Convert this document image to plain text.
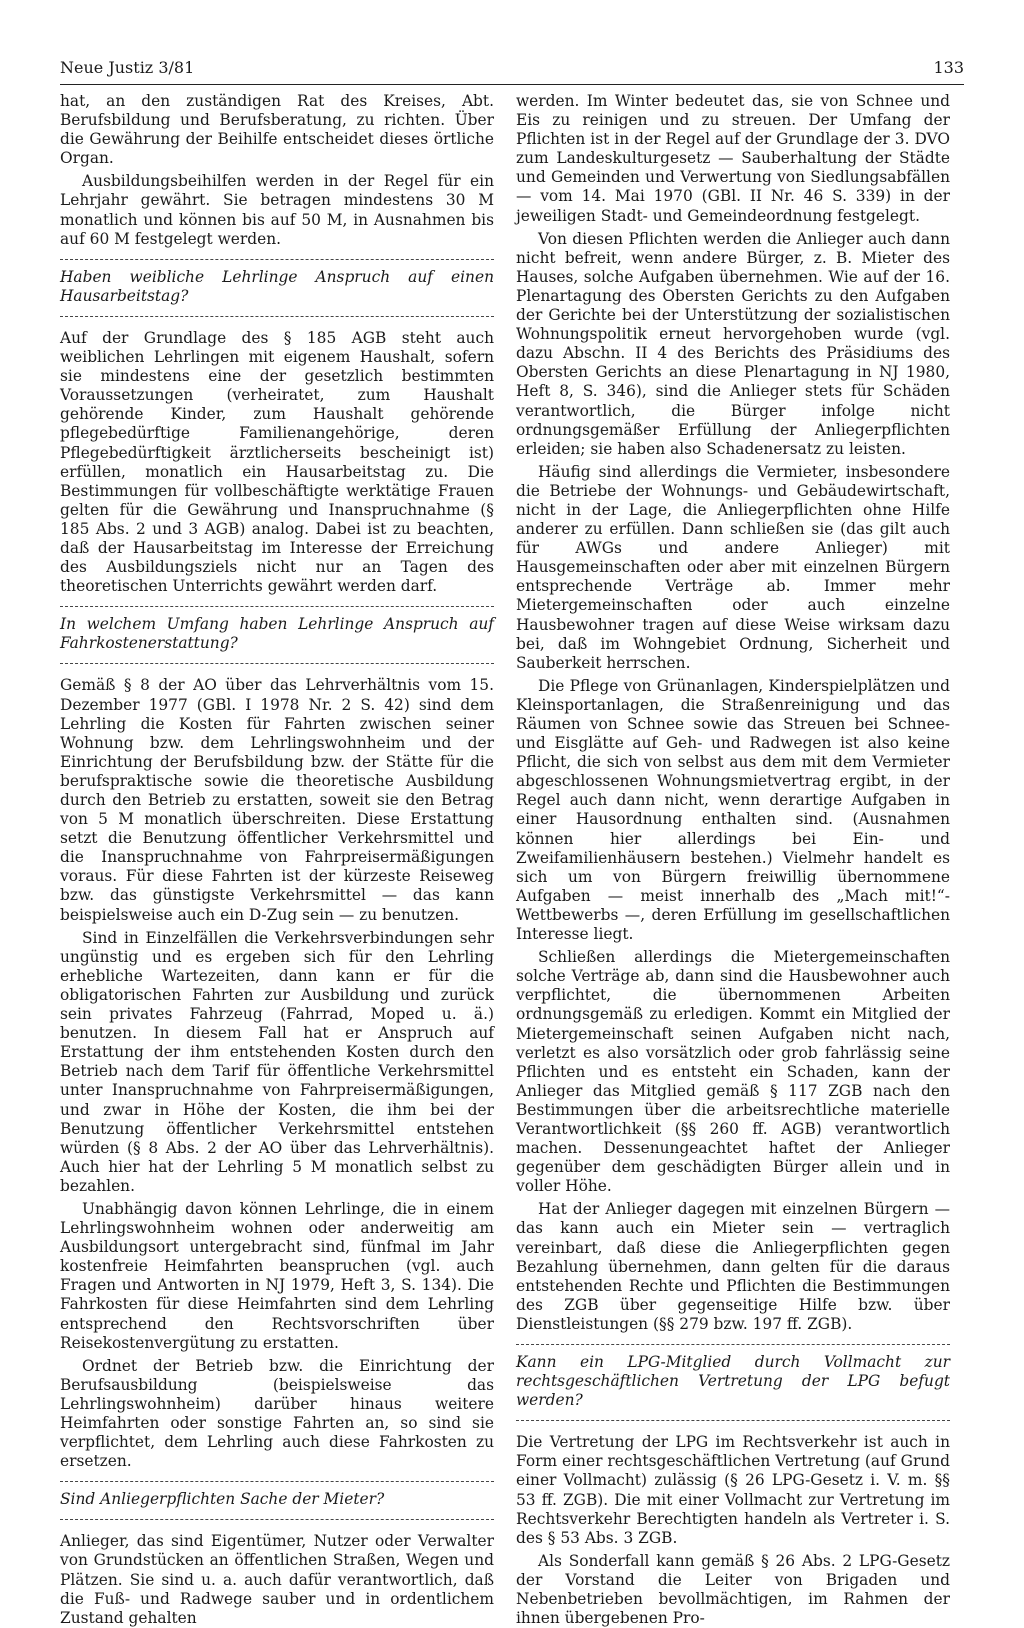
Neue Justiz 3/81	133

hat, an den zuständigen Rat des Kreises, Abt. Berufsbildung und Berufsberatung, zu richten. Über die Gewährung der Beihilfe entscheidet dieses örtliche Organ.

Ausbildungsbeihilfen werden in der Regel für ein Lehrjahr gewährt. Sie betragen mindestens 30 M monatlich und können bis auf 50 M, in Ausnahmen bis auf 60 M festgelegt werden.

Haben weibliche Lehrlinge Anspruch auf einen Hausarbeitstag?

Auf der Grundlage des § 185 AGB steht auch weiblichen Lehrlingen mit eigenem Haushalt, sofern sie mindestens eine der gesetzlich bestimmten Voraussetzungen (verheiratet, zum Haushalt gehörende Kinder, zum Haushalt gehörende pflegebedürftige Familienangehörige, deren Pflegebedürftigkeit ärztlicherseits bescheinigt ist) erfüllen, monatlich ein Hausarbeitstag zu. Die Bestimmungen für vollbeschäftigte werktätige Frauen gelten für die Gewährung und Inanspruchnahme (§ 185 Abs. 2 und 3 AGB) analog. Dabei ist zu beachten, daß der Hausarbeitstag im Interesse der Erreichung des Ausbildungsziels nicht nur an Tagen des theoretischen Unterrichts gewährt werden darf.

In welchem Umfang haben Lehrlinge Anspruch auf Fahrkostenerstattung?

Gemäß § 8 der AO über das Lehrverhältnis vom 15. Dezember 1977 (GBl. I 1978 Nr. 2 S. 42) sind dem Lehrling die Kosten für Fahrten zwischen seiner Wohnung bzw. dem Lehrlingswohnheim und der Einrichtung der Berufsbildung bzw. der Stätte für die berufspraktische sowie die theoretische Ausbildung durch den Betrieb zu erstatten, soweit sie den Betrag von 5 M monatlich überschreiten. Diese Erstattung setzt die Benutzung öffentlicher Verkehrsmittel und die Inanspruchnahme von Fahrpreisermäßigungen voraus. Für diese Fahrten ist der kürzeste Reiseweg bzw. das günstigste Verkehrsmittel — das kann beispielsweise auch ein D-Zug sein — zu benutzen.

Sind in Einzelfällen die Verkehrsverbindungen sehr ungünstig und es ergeben sich für den Lehrling erhebliche Wartezeiten, dann kann er für die obligatorischen Fahrten zur Ausbildung und zurück sein privates Fahrzeug (Fahrrad, Moped u. ä.) benutzen. In diesem Fall hat er Anspruch auf Erstattung der ihm entstehenden Kosten durch den Betrieb nach dem Tarif für öffentliche Verkehrsmittel unter Inanspruchnahme von Fahrpreisermäßigungen, und zwar in Höhe der Kosten, die ihm bei der Benutzung öffentlicher Verkehrsmittel entstehen würden (§ 8 Abs. 2 der AO über das Lehrverhältnis). Auch hier hat der Lehrling 5 M monatlich selbst zu bezahlen.

Unabhängig davon können Lehrlinge, die in einem Lehrlingswohnheim wohnen oder anderweitig am Ausbildungsort untergebracht sind, fünfmal im Jahr kostenfreie Heimfahrten beanspruchen (vgl. auch Fragen und Antworten in NJ 1979, Heft 3, S. 134). Die Fahrkosten für diese Heimfahrten sind dem Lehrling entsprechend den Rechtsvorschriften über Reisekostenvergütung zu erstatten.

Ordnet der Betrieb bzw. die Einrichtung der Berufsausbildung (beispielsweise das Lehrlingswohnheim) darüber hinaus weitere Heimfahrten oder sonstige Fahrten an, so sind sie verpflichtet, dem Lehrling auch diese Fahrkosten zu ersetzen.

Sind Anliegerpflichten Sache der Mieter?

Anlieger, das sind Eigentümer, Nutzer oder Verwalter von Grundstücken an öffentlichen Straßen, Wegen und Plätzen. Sie sind u. a. auch dafür verantwortlich, daß die Fuß- und Radwege sauber und in ordentlichem Zustand gehalten

werden. Im Winter bedeutet das, sie von Schnee und Eis zu reinigen und zu streuen. Der Umfang der Pflichten ist in der Regel auf der Grundlage der 3. DVO zum Landeskulturgesetz — Sauberhaltung der Städte und Gemeinden und Verwertung von Siedlungsabfällen — vom 14. Mai 1970 (GBl. II Nr. 46 S. 339) in der jeweiligen Stadt- und Gemeindeordnung festgelegt.

Von diesen Pflichten werden die Anlieger auch dann nicht befreit, wenn andere Bürger, z. B. Mieter des Hauses, solche Aufgaben übernehmen. Wie auf der 16. Plenartagung des Obersten Gerichts zu den Aufgaben der Gerichte bei der Unterstützung der sozialistischen Wohnungspolitik erneut hervorgehoben wurde (vgl. dazu Abschn. II 4 des Berichts des Präsidiums des Obersten Gerichts an diese Plenartagung in NJ 1980, Heft 8, S. 346), sind die Anlieger stets für Schäden verantwortlich, die Bürger infolge nicht ordnungsgemäßer Erfüllung der Anliegerpflichten erleiden; sie haben also Schadenersatz zu leisten.

Häufig sind allerdings die Vermieter, insbesondere die Betriebe der Wohnungs- und Gebäudewirtschaft, nicht in der Lage, die Anliegerpflichten ohne Hilfe anderer zu erfüllen. Dann schließen sie (das gilt auch für AWGs und andere Anlieger) mit Hausgemeinschaften oder aber mit einzelnen Bürgern entsprechende Verträge ab. Immer mehr Mietergemeinschaften oder auch einzelne Hausbewohner tragen auf diese Weise wirksam dazu bei, daß im Wohngebiet Ordnung, Sicherheit und Sauberkeit herrschen.

Die Pflege von Grünanlagen, Kinderspielplätzen und Kleinsportanlagen, die Straßenreinigung und das Räumen von Schnee sowie das Streuen bei Schnee- und Eisglätte auf Geh- und Radwegen ist also keine Pflicht, die sich von selbst aus dem mit dem Vermieter abgeschlossenen Wohnungsmietvertrag ergibt, in der Regel auch dann nicht, wenn derartige Aufgaben in einer Hausordnung enthalten sind. (Ausnahmen können hier allerdings bei Ein- und Zweifamilienhäusern bestehen.) Vielmehr handelt es sich um von Bürgern freiwillig übernommene Aufgaben — meist innerhalb des „Mach mit!“-Wettbewerbs —, deren Erfüllung im gesellschaftlichen Interesse liegt.

Schließen allerdings die Mietergemeinschaften solche Verträge ab, dann sind die Hausbewohner auch verpflichtet, die übernommenen Arbeiten ordnungsgemäß zu erledigen. Kommt ein Mitglied der Mietergemeinschaft seinen Aufgaben nicht nach, verletzt es also vorsätzlich oder grob fahrlässig seine Pflichten und es entsteht ein Schaden, kann der Anlieger das Mitglied gemäß § 117 ZGB nach den Bestimmungen über die arbeitsrechtliche materielle Verantwortlichkeit (§§ 260 ff. AGB) verantwortlich machen. Dessenungeachtet haftet der Anlieger gegenüber dem geschädigten Bürger allein und in voller Höhe.

Hat der Anlieger dagegen mit einzelnen Bürgern — das kann auch ein Mieter sein — vertraglich vereinbart, daß diese die Anliegerpflichten gegen Bezahlung übernehmen, dann gelten für die daraus entstehenden Rechte und Pflichten die Bestimmungen des ZGB über gegenseitige Hilfe bzw. über Dienstleistungen (§§ 279 bzw. 197 ff. ZGB).

Kann ein LPG-Mitglied durch Vollmacht zur rechtsgeschäftlichen Vertretung der LPG befugt werden?

Die Vertretung der LPG im Rechtsverkehr ist auch in Form einer rechtsgeschäftlichen Vertretung (auf Grund einer Vollmacht) zulässig (§ 26 LPG-Gesetz i. V. m. §§ 53 ff. ZGB). Die mit einer Vollmacht zur Vertretung im Rechtsverkehr Berechtigten handeln als Vertreter i. S. des § 53 Abs. 3 ZGB.

Als Sonderfall kann gemäß § 26 Abs. 2 LPG-Gesetz der Vorstand die Leiter von Brigaden und Nebenbetrieben bevollmächtigen, im Rahmen der ihnen übergebenen Pro-
